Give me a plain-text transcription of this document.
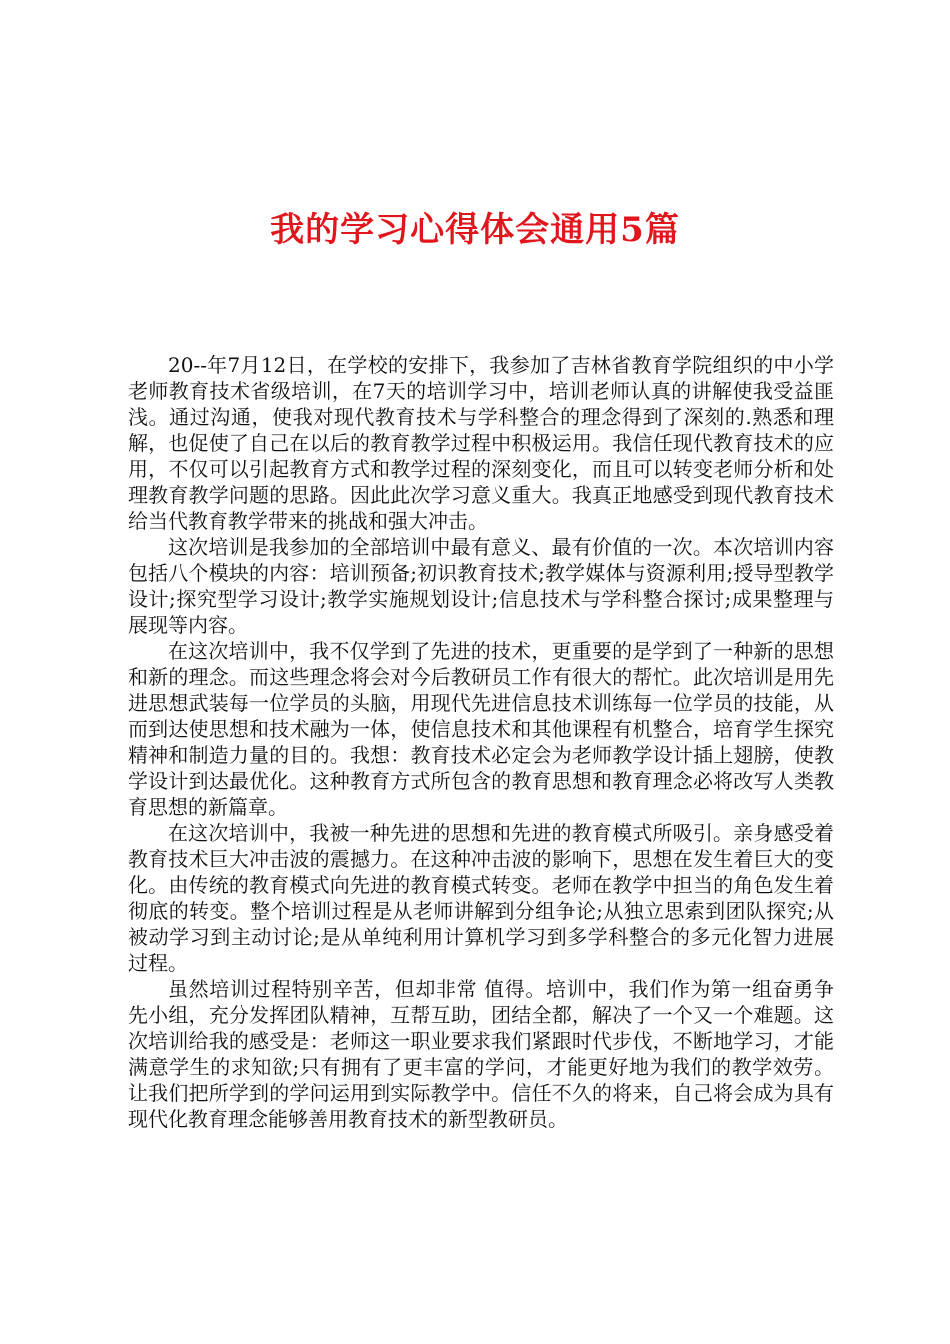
我的学习心得体会通用5篇

20--年7月12日，在学校的安排下，我参加了吉林省教育学院组织的中小学老师教育技术省级培训，在7天的培训学习中，培训老师认真的讲解使我受益匪浅。通过沟通，使我对现代教育技术与学科整合的理念得到了深刻的.熟悉和理解，也促使了自己在以后的教育教学过程中积极运用。我信任现代教育技术的应用，不仅可以引起教育方式和教学过程的深刻变化，而且可以转变老师分析和处理教育教学问题的思路。因此此次学习意义重大。我真正地感受到现代教育技术给当代教育教学带来的挑战和强大冲击。

这次培训是我参加的全部培训中最有意义、最有价值的一次。本次培训内容包括八个模块的内容：培训预备;初识教育技术;教学媒体与资源利用;授导型教学设计;探究型学习设计;教学实施规划设计;信息技术与学科整合探讨;成果整理与展现等内容。

在这次培训中，我不仅学到了先进的技术，更重要的是学到了一种新的思想和新的理念。而这些理念将会对今后教研员工作有很大的帮忙。此次培训是用先进思想武装每一位学员的头脑，用现代先进信息技术训练每一位学员的技能，从而到达使思想和技术融为一体，使信息技术和其他课程有机整合，培育学生探究精神和制造力量的目的。我想：教育技术必定会为老师教学设计插上翅膀，使教学设计到达最优化。这种教育方式所包含的教育思想和教育理念必将改写人类教育思想的新篇章。

在这次培训中，我被一种先进的思想和先进的教育模式所吸引。亲身感受着教育技术巨大冲击波的震撼力。在这种冲击波的影响下，思想在发生着巨大的变化。由传统的教育模式向先进的教育模式转变。老师在教学中担当的角色发生着彻底的转变。整个培训过程是从老师讲解到分组争论;从独立思索到团队探究;从被动学习到主动讨论;是从单纯利用计算机学习到多学科整合的多元化智力进展过程。

虽然培训过程特别辛苦，但却非常 值得。培训中，我们作为第一组奋勇争先小组，充分发挥团队精神，互帮互助，团结全都，解决了一个又一个难题。这次培训给我的感受是：老师这一职业要求我们紧跟时代步伐，不断地学习，才能满意学生的求知欲;只有拥有了更丰富的学问，才能更好地为我们的教学效劳。让我们把所学到的学问运用到实际教学中。信任不久的将来，自己将会成为具有现代化教育理念能够善用教育技术的新型教研员。
